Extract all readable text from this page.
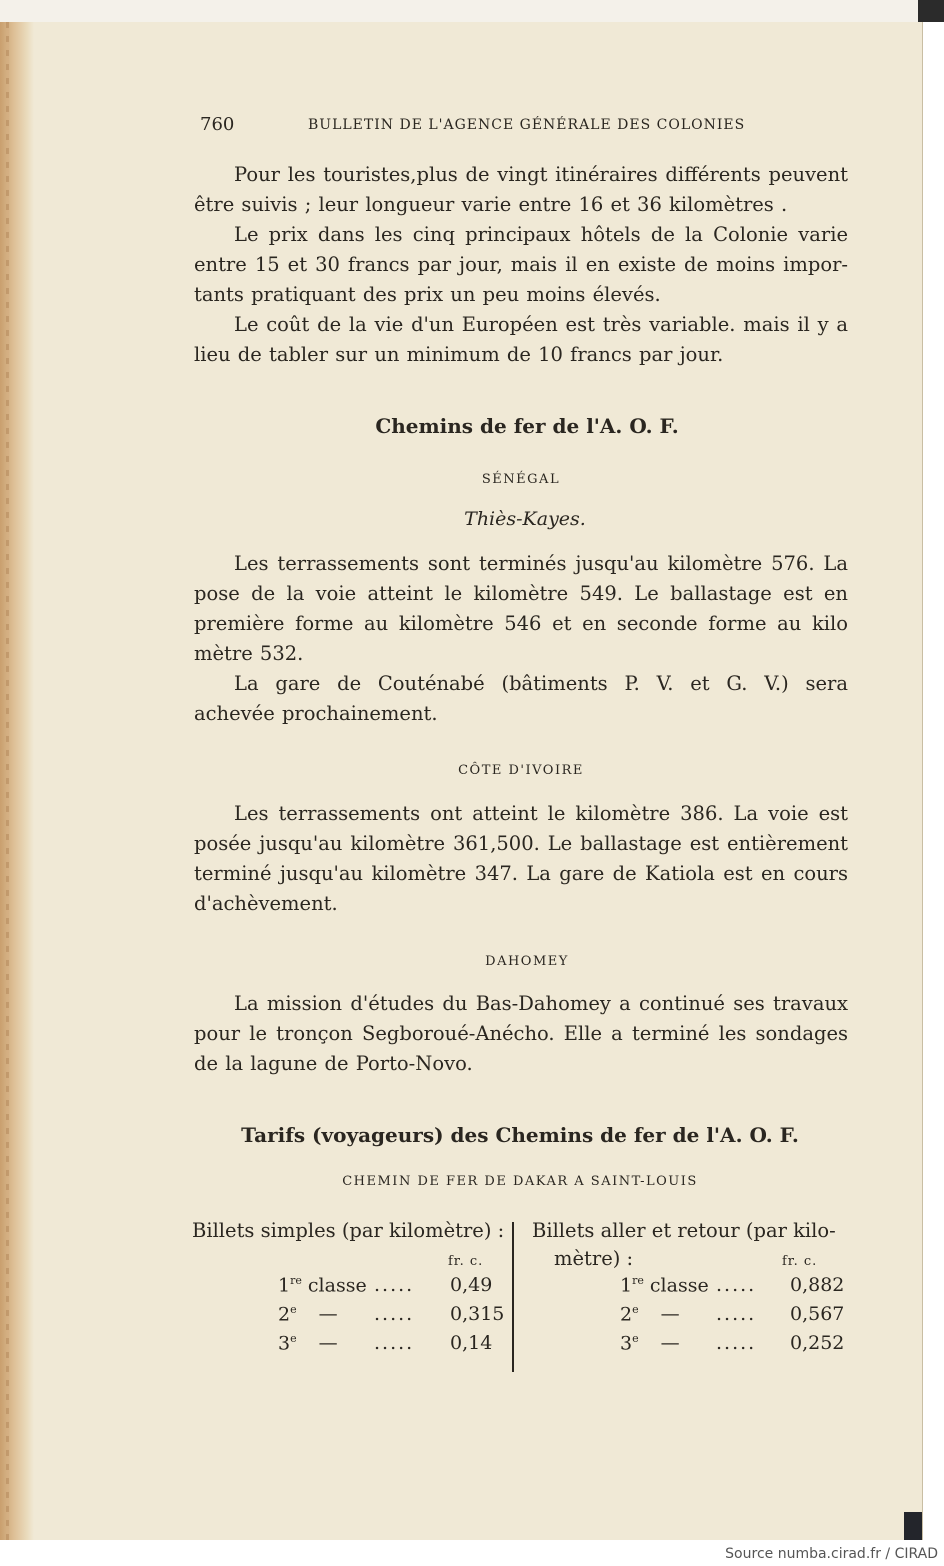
760	BULLETIN DE L'AGENCE GÉNÉRALE DES COLONIES
Pour les touristes,plus de vingt itinéraires différents peuvent
être suivis ; leur longueur varie entre 16 et 36 kilomètres .
Le prix dans les cinq principaux hôtels de la Colonie varie
entre 15 et 30 francs par jour, mais il en existe de moins impor-
tants pratiquant des prix un peu moins élevés.
Le coût de la vie d'un Européen est très variable. mais il y a
lieu de tabler sur un minimum de 10 francs par jour.
Chemins de fer de l'A. O. F.
SÉNÉGAL
Thiès-Kayes.
Les terrassements sont terminés jusqu'au kilomètre 576. La
pose de la voie atteint le kilomètre 549. Le ballastage est en
première forme au kilomètre 546 et en seconde forme au kilo
mètre 532.
La gare de Couténabé (bâtiments P. V. et G. V.) sera
achevée prochainement.
CÔTE D'IVOIRE
Les terrassements ont atteint le kilomètre 386. La voie est
posée jusqu'au kilomètre 361,500. Le ballastage est entièrement
terminé jusqu'au kilomètre 347. La gare de Katiola est en cours
d'achèvement.
DAHOMEY
La mission d'études du Bas-Dahomey a continué ses travaux
pour le tronçon Segboroué-Anécho. Elle a terminé les sondages
de la lagune de Porto-Novo.
Tarifs (voyageurs) des Chemins de fer de l'A. O. F.
CHEMIN DE FER DE DAKAR A SAINT-LOUIS
Billets simples (par kilomètre) :
fr. c.
1re classe ..... 0,49
2e — ..... 0,315
3e — ..... 0,14
Billets aller et retour (par kilo-
mètre) :	fr. c.
1re classe ..... 0,882
2e — ..... 0,567
3e — ..... 0,252
Source numba.cirad.fr / CIRAD
